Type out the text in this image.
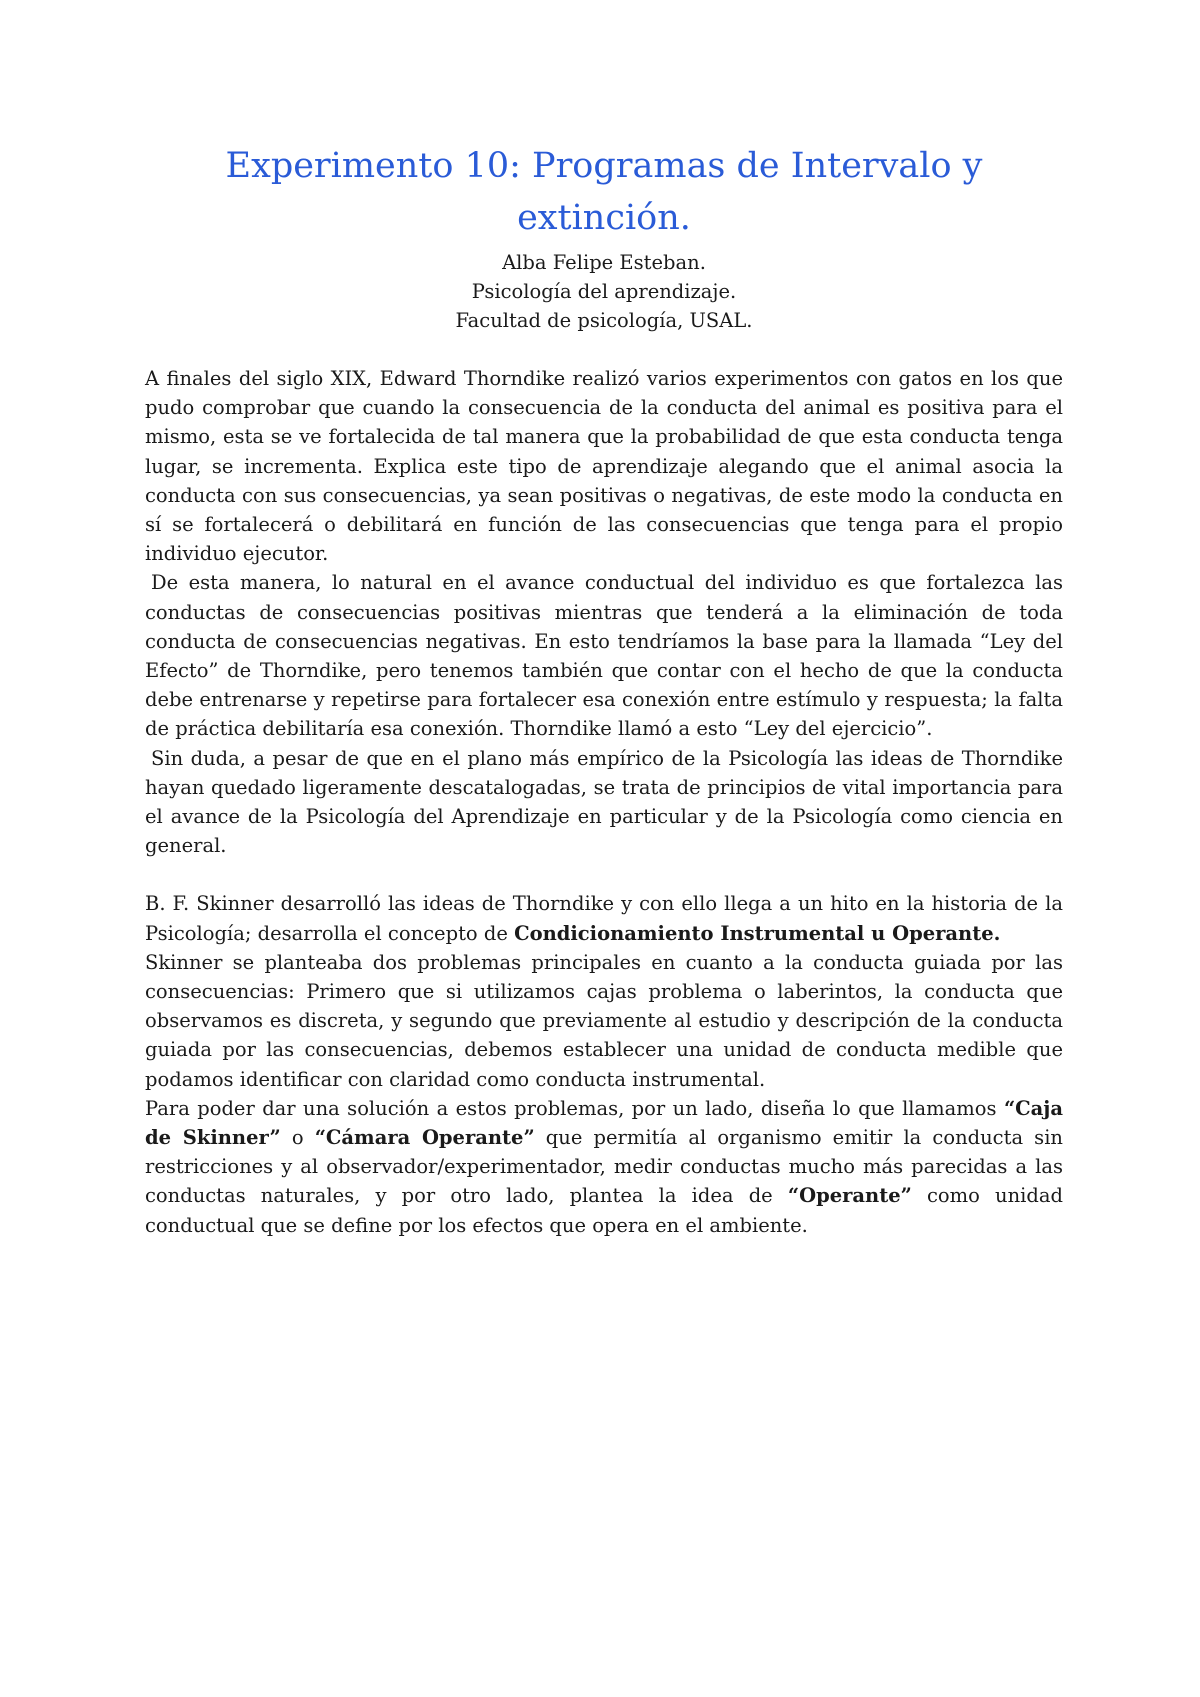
Experimento 10: Programas de Intervalo y extinción.
Alba Felipe Esteban.
Psicología del aprendizaje.
Facultad de psicología, USAL.

A finales del siglo XIX, Edward Thorndike realizó varios experimentos con gatos en los que pudo comprobar que cuando la consecuencia de la conducta del animal es positiva para el mismo, esta se ve fortalecida de tal manera que la probabilidad de que esta conducta tenga lugar, se incrementa. Explica este tipo de aprendizaje alegando que el animal asocia la conducta con sus consecuencias, ya sean positivas o negativas, de este modo la conducta en sí se fortalecerá o debilitará en función de las consecuencias que tenga para el propio individuo ejecutor.

De esta manera, lo natural en el avance conductual del individuo es que fortalezca las conductas de consecuencias positivas mientras que tenderá a la eliminación de toda conducta de consecuencias negativas. En esto tendríamos la base para la llamada “Ley del Efecto” de Thorndike, pero tenemos también que contar con el hecho de que la conducta debe entrenarse y repetirse para fortalecer esa conexión entre estímulo y respuesta; la falta de práctica debilitaría esa conexión. Thorndike llamó a esto “Ley del ejercicio”.

Sin duda, a pesar de que en el plano más empírico de la Psicología las ideas de Thorndike hayan quedado ligeramente descatalogadas, se trata de principios de vital importancia para el avance de la Psicología del Aprendizaje en particular y de la Psicología como ciencia en general.

B. F. Skinner desarrolló las ideas de Thorndike y con ello llega a un hito en la historia de la Psicología; desarrolla el concepto de Condicionamiento Instrumental u Operante.

Skinner se planteaba dos problemas principales en cuanto a la conducta guiada por las consecuencias: Primero que si utilizamos cajas problema o laberintos, la conducta que observamos es discreta, y segundo que previamente al estudio y descripción de la conducta guiada por las consecuencias, debemos establecer una unidad de conducta medible que podamos identificar con claridad como conducta instrumental.

Para poder dar una solución a estos problemas, por un lado, diseña lo que llamamos “Caja de Skinner” o “Cámara Operante” que permitía al organismo emitir la conducta sin restricciones y al observador/experimentador, medir conductas mucho más parecidas a las conductas naturales, y por otro lado, plantea la idea de “Operante” como unidad conductual que se define por los efectos que opera en el ambiente.
